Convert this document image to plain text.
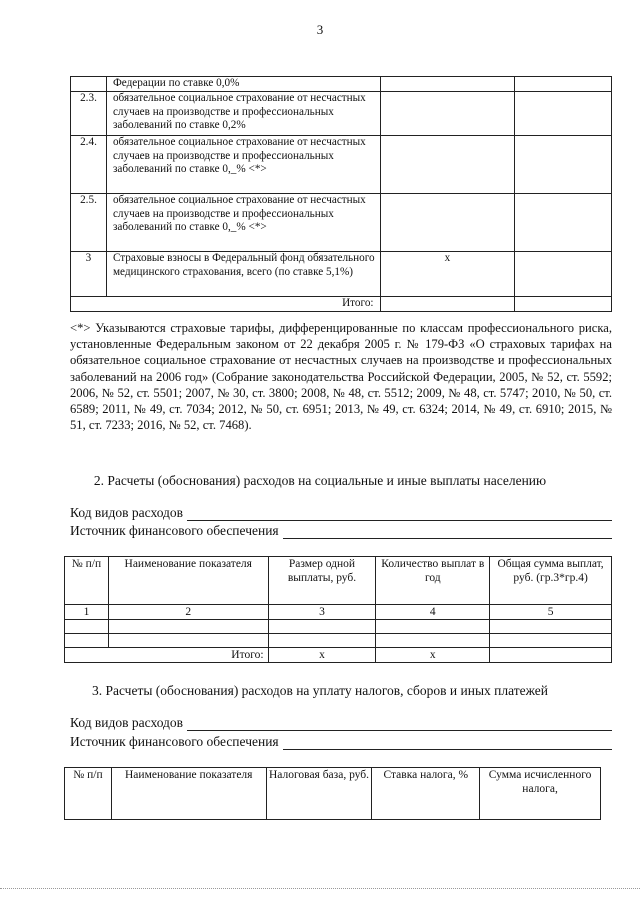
3
	Федерации по ставке 0,0%		
2.3.	обязательное социальное страхование от несчастных случаев на производстве и профессиональных заболеваний по ставке 0,2%		
2.4.	обязательное социальное страхование от несчастных случаев на производстве и профессиональных заболеваний по ставке 0,_% <*>		
2.5.	обязательное социальное страхование от несчастных случаев на производстве и профессиональных заболеваний по ставке 0,_% <*>		
3	Страховые взносы в Федеральный фонд обязательного медицинского страхования, всего (по ставке 5,1%)	х	
Итого:			
<*> Указываются страховые тарифы, дифференцированные по классам профессионального риска, установленные Федеральным законом от 22 декабря 2005 г. № 179-ФЗ «О страховых тарифах на обязательное социальное страхование от несчастных случаев на производстве и профессиональных заболеваний на 2006 год» (Собрание законодательства Российской Федерации, 2005, № 52, ст. 5592; 2006, № 52, ст. 5501; 2007, № 30, ст. 3800; 2008, № 48, ст. 5512; 2009, № 48, ст. 5747; 2010, № 50, ст. 6589; 2011, № 49, ст. 7034; 2012, № 50, ст. 6951; 2013, № 49, ст. 6324; 2014, № 49, ст. 6910; 2015, № 51, ст. 7233; 2016, № 52, ст. 7468).
2. Расчеты (обоснования) расходов на социальные и иные выплаты населению
Код видов расходов
Источник финансового обеспечения
№ п/п	Наименование показателя	Размер одной выплаты, руб.	Количество выплат в год	Общая сумма выплат, руб. (гр.3*гр.4)
1	2	3	4	5

Итого:		х	х	
3. Расчеты (обоснования) расходов на уплату налогов, сборов и иных платежей
Код видов расходов
Источник финансового обеспечения
№ п/п	Наименование показателя	Налоговая база, руб.	Ставка налога, %	Сумма исчисленного налога,
